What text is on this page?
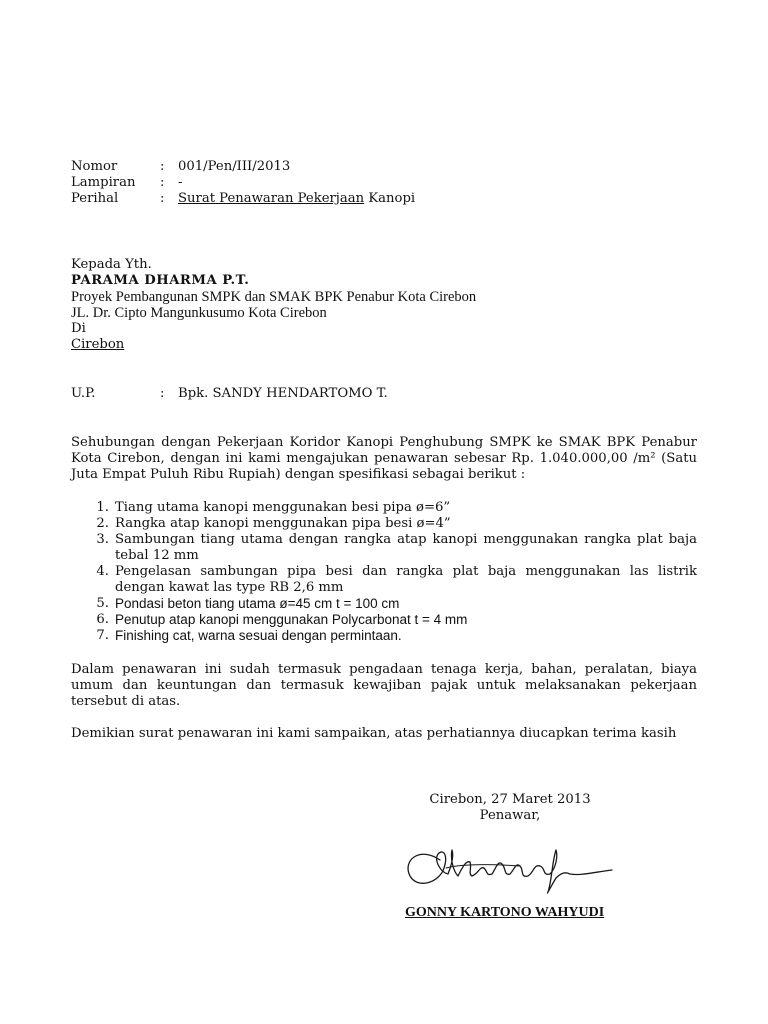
Nomor	:	001/Pen/III/2013
Lampiran	:	-
Perihal	:	Surat Penawaran Pekerjaan Kanopi
Kepada Yth.
PARAMA DHARMA P.T.
Proyek Pembangunan SMPK dan SMAK BPK Penabur Kota Cirebon
JL. Dr. Cipto Mangunkusumo Kota Cirebon
Di
Cirebon
U.P.	:	Bpk. SANDY HENDARTOMO T.
Sehubungan dengan Pekerjaan Koridor Kanopi Penghubung SMPK ke SMAK BPK Penabur Kota Cirebon, dengan ini kami mengajukan penawaran sebesar Rp. 1.040.000,00 /m² (Satu Juta Empat Puluh Ribu Rupiah) dengan spesifikasi sebagai berikut :
1. Tiang utama kanopi menggunakan besi pipa ø=6”
2. Rangka atap kanopi menggunakan pipa besi ø=4”
3. Sambungan tiang utama dengan rangka atap kanopi menggunakan rangka plat baja tebal 12 mm
4. Pengelasan sambungan pipa besi dan rangka plat baja menggunakan las listrik dengan kawat las type RB 2,6 mm
5. Pondasi beton tiang utama ø=45 cm t = 100 cm
6. Penutup atap kanopi menggunakan Polycarbonat t = 4 mm
7. Finishing cat, warna sesuai dengan permintaan.
Dalam penawaran ini sudah termasuk pengadaan tenaga kerja, bahan, peralatan, biaya umum dan keuntungan dan termasuk kewajiban pajak untuk melaksanakan pekerjaan tersebut di atas.
Demikian surat penawaran ini kami sampaikan, atas perhatiannya diucapkan terima kasih
Cirebon, 27 Maret 2013
Penawar,
GONNY KARTONO WAHYUDI
